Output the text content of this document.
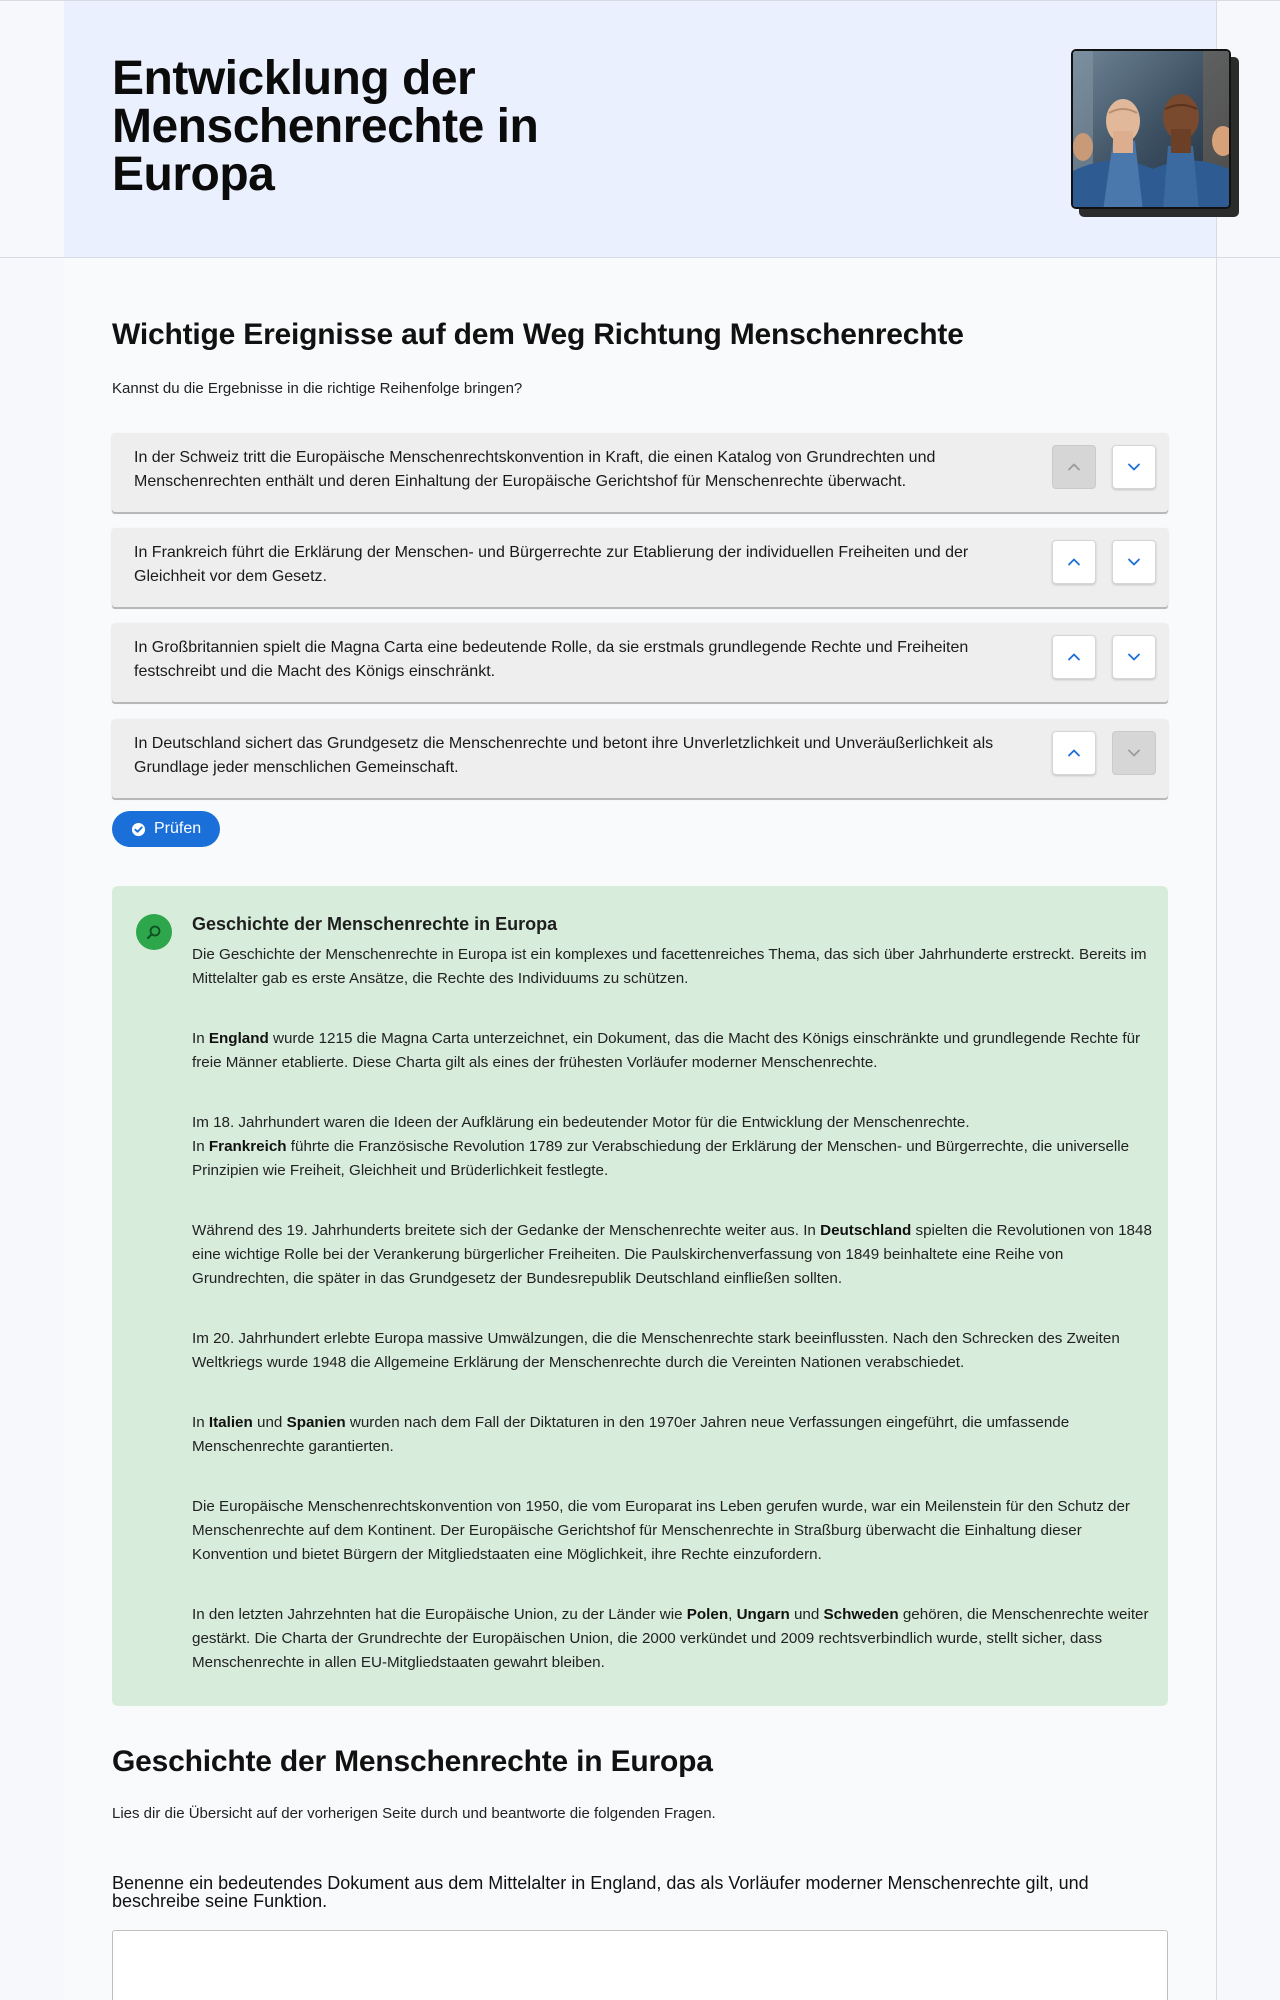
Entwicklung der Menschenrechte in Europa
Wichtige Ereignisse auf dem Weg Richtung Menschenrechte

Kannst du die Ergebnisse in die richtige Reihenfolge bringen?

In der Schweiz tritt die Europäische Menschenrechtskonvention in Kraft, die einen Katalog von Grundrechten und Menschenrechten enthält und deren Einhaltung der Europäische Gerichtshof für Menschenrechte überwacht.
In Frankreich führt die Erklärung der Menschen- und Bürgerrechte zur Etablierung der individuellen Freiheiten und der Gleichheit vor dem Gesetz.
In Großbritannien spielt die Magna Carta eine bedeutende Rolle, da sie erstmals grundlegende Rechte und Freiheiten festschreibt und die Macht des Königs einschränkt.
In Deutschland sichert das Grundgesetz die Menschenrechte und betont ihre Unverletzlichkeit und Unveräußerlichkeit als Grundlage jeder menschlichen Gemeinschaft.
Prüfen
Geschichte der Menschenrechte in Europa

Die Geschichte der Menschenrechte in Europa ist ein komplexes und facettenreiches Thema, das sich über Jahrhunderte erstreckt. Bereits im Mittelalter gab es erste Ansätze, die Rechte des Individuums zu schützen.

In England wurde 1215 die Magna Carta unterzeichnet, ein Dokument, das die Macht des Königs einschränkte und grundlegende Rechte für freie Männer etablierte. Diese Charta gilt als eines der frühesten Vorläufer moderner Menschenrechte.

Im 18. Jahrhundert waren die Ideen der Aufklärung ein bedeutender Motor für die Entwicklung der Menschenrechte.
In Frankreich führte die Französische Revolution 1789 zur Verabschiedung der Erklärung der Menschen- und Bürgerrechte, die universelle Prinzipien wie Freiheit, Gleichheit und Brüderlichkeit festlegte.

Während des 19. Jahrhunderts breitete sich der Gedanke der Menschenrechte weiter aus. In Deutschland spielten die Revolutionen von 1848 eine wichtige Rolle bei der Verankerung bürgerlicher Freiheiten. Die Paulskirchenverfassung von 1849 beinhaltete eine Reihe von Grundrechten, die später in das Grundgesetz der Bundesrepublik Deutschland einfließen sollten.

Im 20. Jahrhundert erlebte Europa massive Umwälzungen, die die Menschenrechte stark beeinflussten. Nach den Schrecken des Zweiten Weltkriegs wurde 1948 die Allgemeine Erklärung der Menschenrechte durch die Vereinten Nationen verabschiedet.

In Italien und Spanien wurden nach dem Fall der Diktaturen in den 1970er Jahren neue Verfassungen eingeführt, die umfassende Menschenrechte garantierten.

Die Europäische Menschenrechtskonvention von 1950, die vom Europarat ins Leben gerufen wurde, war ein Meilenstein für den Schutz der Menschenrechte auf dem Kontinent. Der Europäische Gerichtshof für Menschenrechte in Straßburg überwacht die Einhaltung dieser Konvention und bietet Bürgern der Mitgliedstaaten eine Möglichkeit, ihre Rechte einzufordern.

In den letzten Jahrzehnten hat die Europäische Union, zu der Länder wie Polen, Ungarn und Schweden gehören, die Menschenrechte weiter gestärkt. Die Charta der Grundrechte der Europäischen Union, die 2000 verkündet und 2009 rechtsverbindlich wurde, stellt sicher, dass Menschenrechte in allen EU-Mitgliedstaaten gewahrt bleiben.

Geschichte der Menschenrechte in Europa

Lies dir die Übersicht auf der vorherigen Seite durch und beantworte die folgenden Fragen.

Benenne ein bedeutendes Dokument aus dem Mittelalter in England, das als Vorläufer moderner Menschenrechte gilt, und beschreibe seine Funktion.
